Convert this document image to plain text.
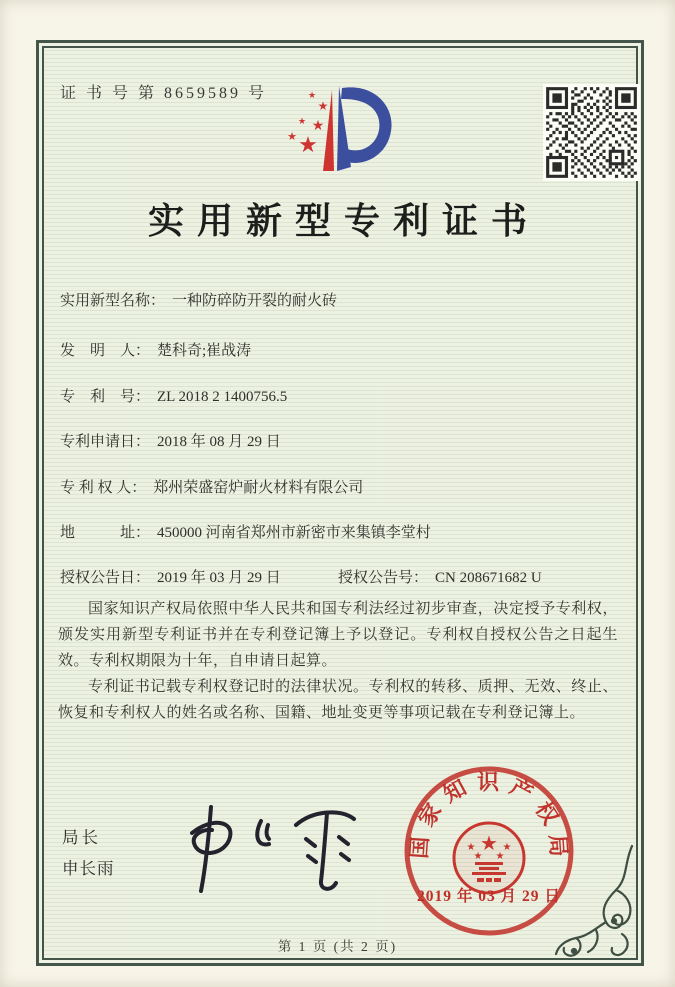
证 书 号 第 8659589 号
★
★
★
★
★
★
实用新型专利证书
实用新型名称： 一种防碎防开裂的耐火砖
发　明　人： 楚科奇;崔战涛
专　利　号： ZL 2018 2 1400756.5
专利申请日： 2018 年 08 月 29 日
专 利 权 人： 郑州荣盛窑炉耐火材料有限公司
地　　　址： 450000 河南省郑州市新密市来集镇李堂村
授权公告日： 2019 年 03 月 29 日	授权公告号： CN 208671682 U

国家知识产权局依照中华人民共和国专利法经过初步审查，决定授予专利权，颁发实用新型专利证书并在专利登记簿上予以登记。专利权自授权公告之日起生效。专利权期限为十年，自申请日起算。

专利证书记载专利权登记时的法律状况。专利权的转移、质押、无效、终止、恢复和专利权人的姓名或名称、国籍、地址变更等事项记载在专利登记簿上。

局长
申长雨
国家知识产权局
★
★	★
★ ★
2019 年 03 月 29 日
第 1 页 (共 2 页)
